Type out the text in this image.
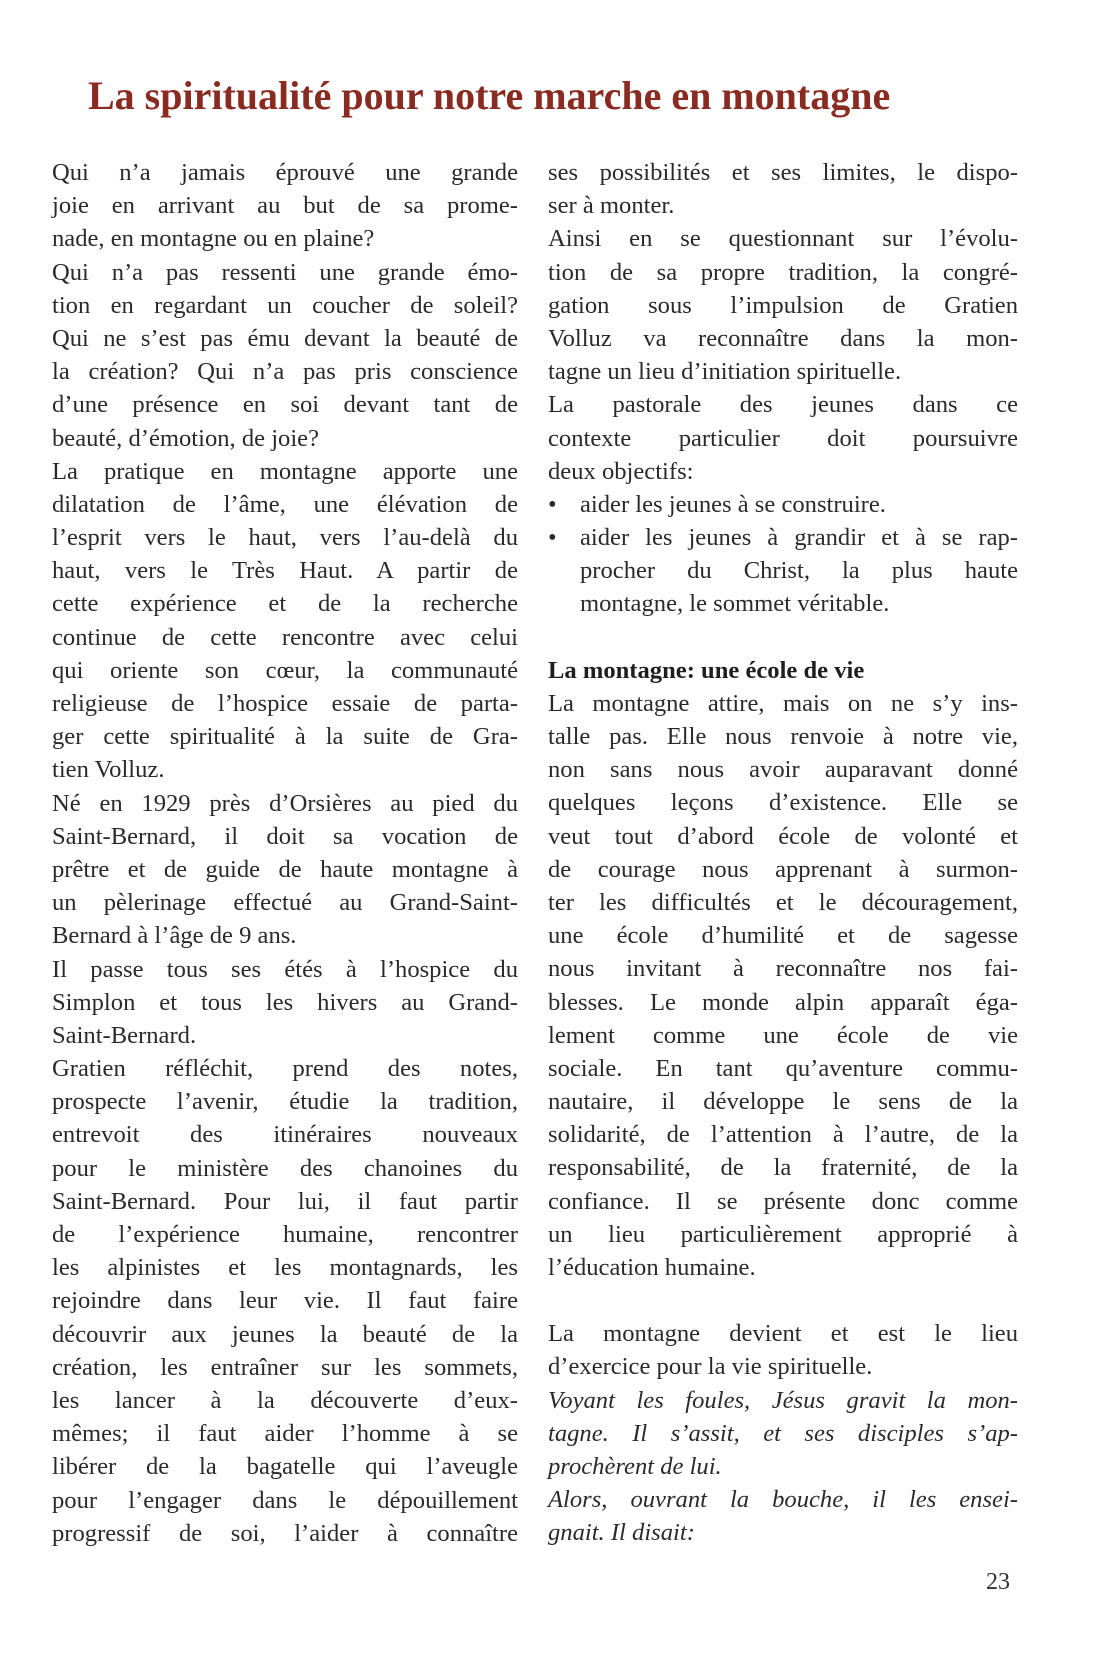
La spiritualité pour notre marche en montagne
Qui n’a jamais éprouvé une grande
joie en arrivant au but de sa prome-
nade, en montagne ou en plaine?
Qui n’a pas ressenti une grande émo-
tion en regardant un coucher de soleil?
Qui ne s’est pas ému devant la beauté de
la création? Qui n’a pas pris conscience
d’une présence en soi devant tant de
beauté, d’émotion, de joie?
La pratique en montagne apporte une
dilatation de l’âme, une élévation de
l’esprit vers le haut, vers l’au-delà du
haut, vers le Très Haut. A partir de
cette expérience et de la recherche
continue de cette rencontre avec celui
qui oriente son cœur, la communauté
religieuse de l’hospice essaie de parta-
ger cette spiritualité à la suite de Gra-
tien Volluz.
Né en 1929 près d’Orsières au pied du
Saint-Bernard, il doit sa vocation de
prêtre et de guide de haute montagne à
un pèlerinage effectué au Grand-Saint-
Bernard à l’âge de 9 ans.
Il passe tous ses étés à l’hospice du
Simplon et tous les hivers au Grand-
Saint-Bernard.
Gratien réfléchit, prend des notes,
prospecte l’avenir, étudie la tradition,
entrevoit des itinéraires nouveaux
pour le ministère des chanoines du
Saint-Bernard. Pour lui, il faut partir
de l’expérience humaine, rencontrer
les alpinistes et les montagnards, les
rejoindre dans leur vie. Il faut faire
découvrir aux jeunes la beauté de la
création, les entraîner sur les sommets,
les lancer à la découverte d’eux-
mêmes; il faut aider l’homme à se
libérer de la bagatelle qui l’aveugle
pour l’engager dans le dépouillement
progressif de soi, l’aider à connaître
ses possibilités et ses limites, le dispo-
ser à monter.
Ainsi en se questionnant sur l’évolu-
tion de sa propre tradition, la congré-
gation sous l’impulsion de Gratien
Volluz va reconnaître dans la mon-
tagne un lieu d’initiation spirituelle.
La pastorale des jeunes dans ce
contexte particulier doit poursuivre
deux objectifs:
• aider les jeunes à se construire.
• aider les jeunes à grandir et à se rap-
procher du Christ, la plus haute
montagne, le sommet véritable.
La montagne: une école de vie
La montagne attire, mais on ne s’y ins-
talle pas. Elle nous renvoie à notre vie,
non sans nous avoir auparavant donné
quelques leçons d’existence. Elle se
veut tout d’abord école de volonté et
de courage nous apprenant à surmon-
ter les difficultés et le découragement,
une école d’humilité et de sagesse
nous invitant à reconnaître nos fai-
blesses. Le monde alpin apparaît éga-
lement comme une école de vie
sociale. En tant qu’aventure commu-
nautaire, il développe le sens de la
solidarité, de l’attention à l’autre, de la
responsabilité, de la fraternité, de la
confiance. Il se présente donc comme
un lieu particulièrement approprié à
l’éducation humaine.
La montagne devient et est le lieu
d’exercice pour la vie spirituelle.
Voyant les foules, Jésus gravit la mon-
tagne. Il s’assit, et ses disciples s’ap-
prochèrent de lui.
Alors, ouvrant la bouche, il les ensei-
gnait. Il disait:
23
